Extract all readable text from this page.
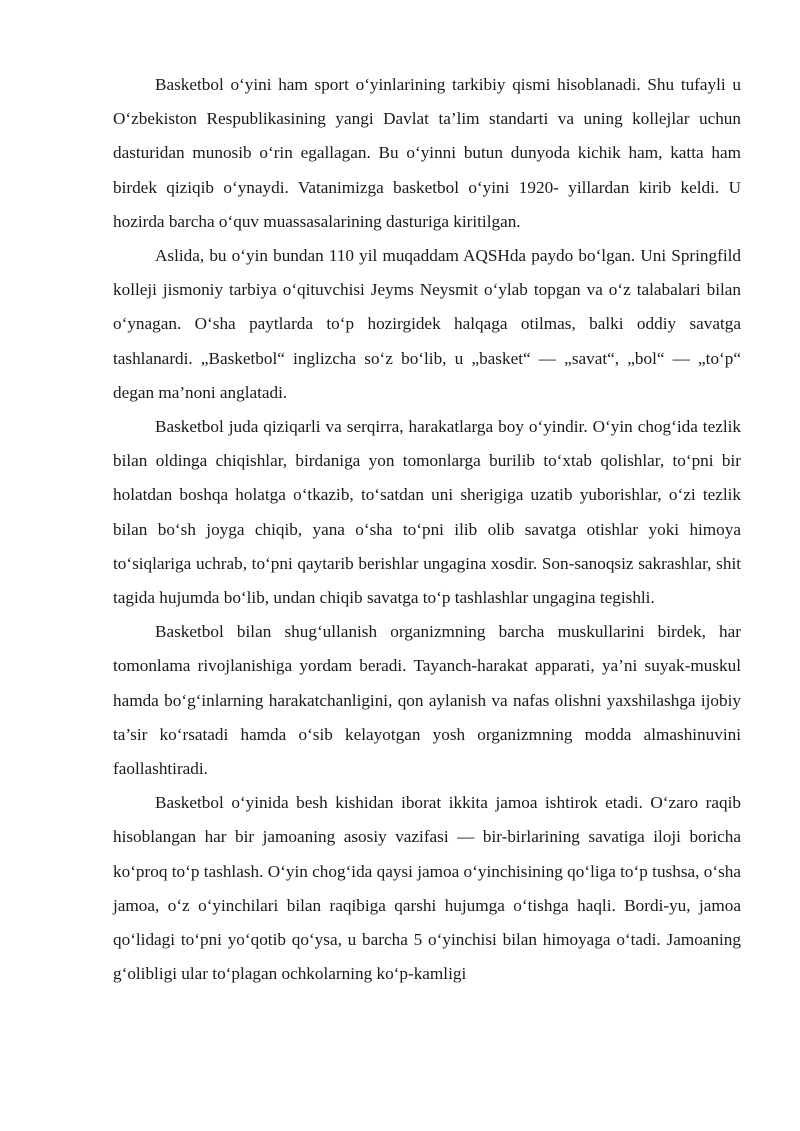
Basketbol o‘yini ham sport o‘yinlarining tarkibiy qismi hisoblanadi. Shu tufayli u O‘zbekiston Respublikasining yangi Davlat ta’lim standarti va uning kollejlar uchun dasturidan munosib o‘rin egallagan. Bu o‘yinni butun dunyoda kichik ham, katta ham birdek qiziqib o‘ynaydi. Vatanimizga basketbol o‘yini 1920- yillardan kirib keldi. U hozirda barcha o‘quv muassasalarining dasturiga kiritilgan.

Aslida, bu o‘yin bundan 110 yil muqaddam AQSHda paydo bo‘lgan. Uni Springfild kolleji jismoniy tarbiya o‘qituvchisi Jeyms Neysmit o‘ylab topgan va o‘z talabalari bilan o‘ynagan. O‘sha paytlarda to‘p hozirgidek halqaga otilmas, balki oddiy savatga tashlanardi. „Basketbol“ inglizcha so‘z bo‘lib, u „basket“ — „savat“, „bol“ — „to‘p“ degan ma’noni anglatadi.

Basketbol juda qiziqarli va serqirra, harakatlarga boy o‘yindir. O‘yin chog‘ida tezlik bilan oldinga chiqishlar, birdaniga yon tomonlarga burilib to‘xtab qolishlar, to‘pni bir holatdan boshqa holatga o‘tkazib, to‘satdan uni sherigiga uzatib yuborishlar, o‘zi tezlik bilan bo‘sh joyga chiqib, yana o‘sha to‘pni ilib olib savatga otishlar yoki himoya to‘siqlariga uchrab, to‘pni qaytarib berishlar ungagina xosdir. Son-sanoqsiz sakrashlar, shit tagida hujumda bo‘lib, undan chiqib savatga to‘p tashlashlar ungagina tegishli.

Basketbol bilan shug‘ullanish organizmning barcha muskullarini birdek, har tomonlama rivojlanishiga yordam beradi. Tayanch-harakat apparati, ya’ni suyak-muskul hamda bo‘g‘inlarning harakatchanligini, qon aylanish va nafas olishni yaxshilashga ijobiy ta’sir ko‘rsatadi hamda o‘sib kelayotgan yosh organizmning modda almashinuvini faollashtiradi.

Basketbol o‘yinida besh kishidan iborat ikkita jamoa ishtirok etadi. O‘zaro raqib hisoblangan har bir jamoaning asosiy vazifasi — bir-birlarining savatiga iloji boricha ko‘proq to‘p tashlash. O‘yin chog‘ida qaysi jamoa o‘yinchisining qo‘liga to‘p tushsa, o‘sha jamoa, o‘z o‘yinchilari bilan raqibiga qarshi hujumga o‘tishga haqli. Bordi-yu, jamoa qo‘lidagi to‘pni yo‘qotib qo‘ysa, u barcha 5 o‘yinchisi bilan himoyaga o‘tadi. Jamoaning g‘olibligi ular to‘plagan ochkolarning ko‘p-kamligi
